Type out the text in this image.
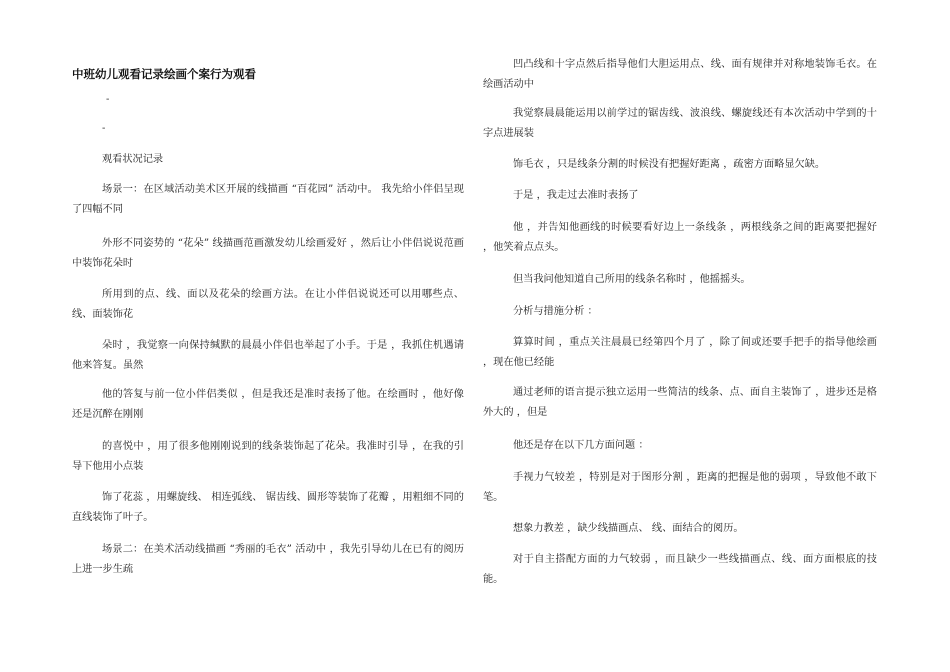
中班幼儿观看记录绘画个案行为观看
-
-
观看状况记录
场景一：在区域活动美术区开展的线描画 “百花园” 活动中。 我先给小伴侣呈现了四幅不同
外形不同姿势的 “花朵” 线描画范画激发幼儿绘画爱好 ，然后让小伴侣说说范画中装饰花朵时
所用到的点、线、面以及花朵的绘画方法。在让小伴侣说说还可以用哪些点、线、面装饰花
朵时 ，我觉察一向保持缄默的晨晨小伴侣也举起了小手。于是 ，我抓住机遇请他来答复。虽然
他的答复与前一位小伴侣类似 ，但是我还是准时表扬了他。在绘画时 ，他好像还是沉醉在刚刚
的喜悦中 ，用了很多他刚刚说到的线条装饰起了花朵。我准时引导 ，在我的引导下他用小点装
饰了花蕊 ，用螺旋线、 相连弧线、 锯齿线、圆形等装饰了花瓣 ，用粗细不同的直线装饰了叶子。
场景二：在美术活动线描画 “秀丽的毛衣” 活动中 ，我先引导幼儿在已有的阅历上进一步生疏
凹凸线和十字点然后指导他们大胆运用点、线、面有规律并对称地装饰毛衣。在绘画活动中
我觉察晨晨能运用以前学过的锯齿线、波浪线、螺旋线还有本次活动中学到的十字点进展装
饰毛衣 ，只是线条分割的时候没有把握好距离 ，疏密方面略显欠缺。
于是 ，我走过去准时表扬了
他 ，并告知他画线的时候要看好边上一条线条 ，两根线条之间的距离要把握好 ，他笑着点点头。
但当我问他知道自己所用的线条名称时 ，他摇摇头。
分析与措施分析 ：
算算时间 ，重点关注晨晨已经第四个月了 ，除了间或还要手把手的指导他绘画 ，现在他已经能
通过老师的语言提示独立运用一些简洁的线条、点、面自主装饰了 ，进步还是格外大的 ，但是
他还是存在以下几方面问题 ：
手视力气较差 ，特别是对于图形分割 ，距离的把握是他的弱项 ，导致他不敢下笔。
想象力教差 ，缺少线描画点、 线、面结合的阅历。
对于自主搭配方面的力气较弱 ，而且缺少一些线描画点、线、面方面根底的技能。
